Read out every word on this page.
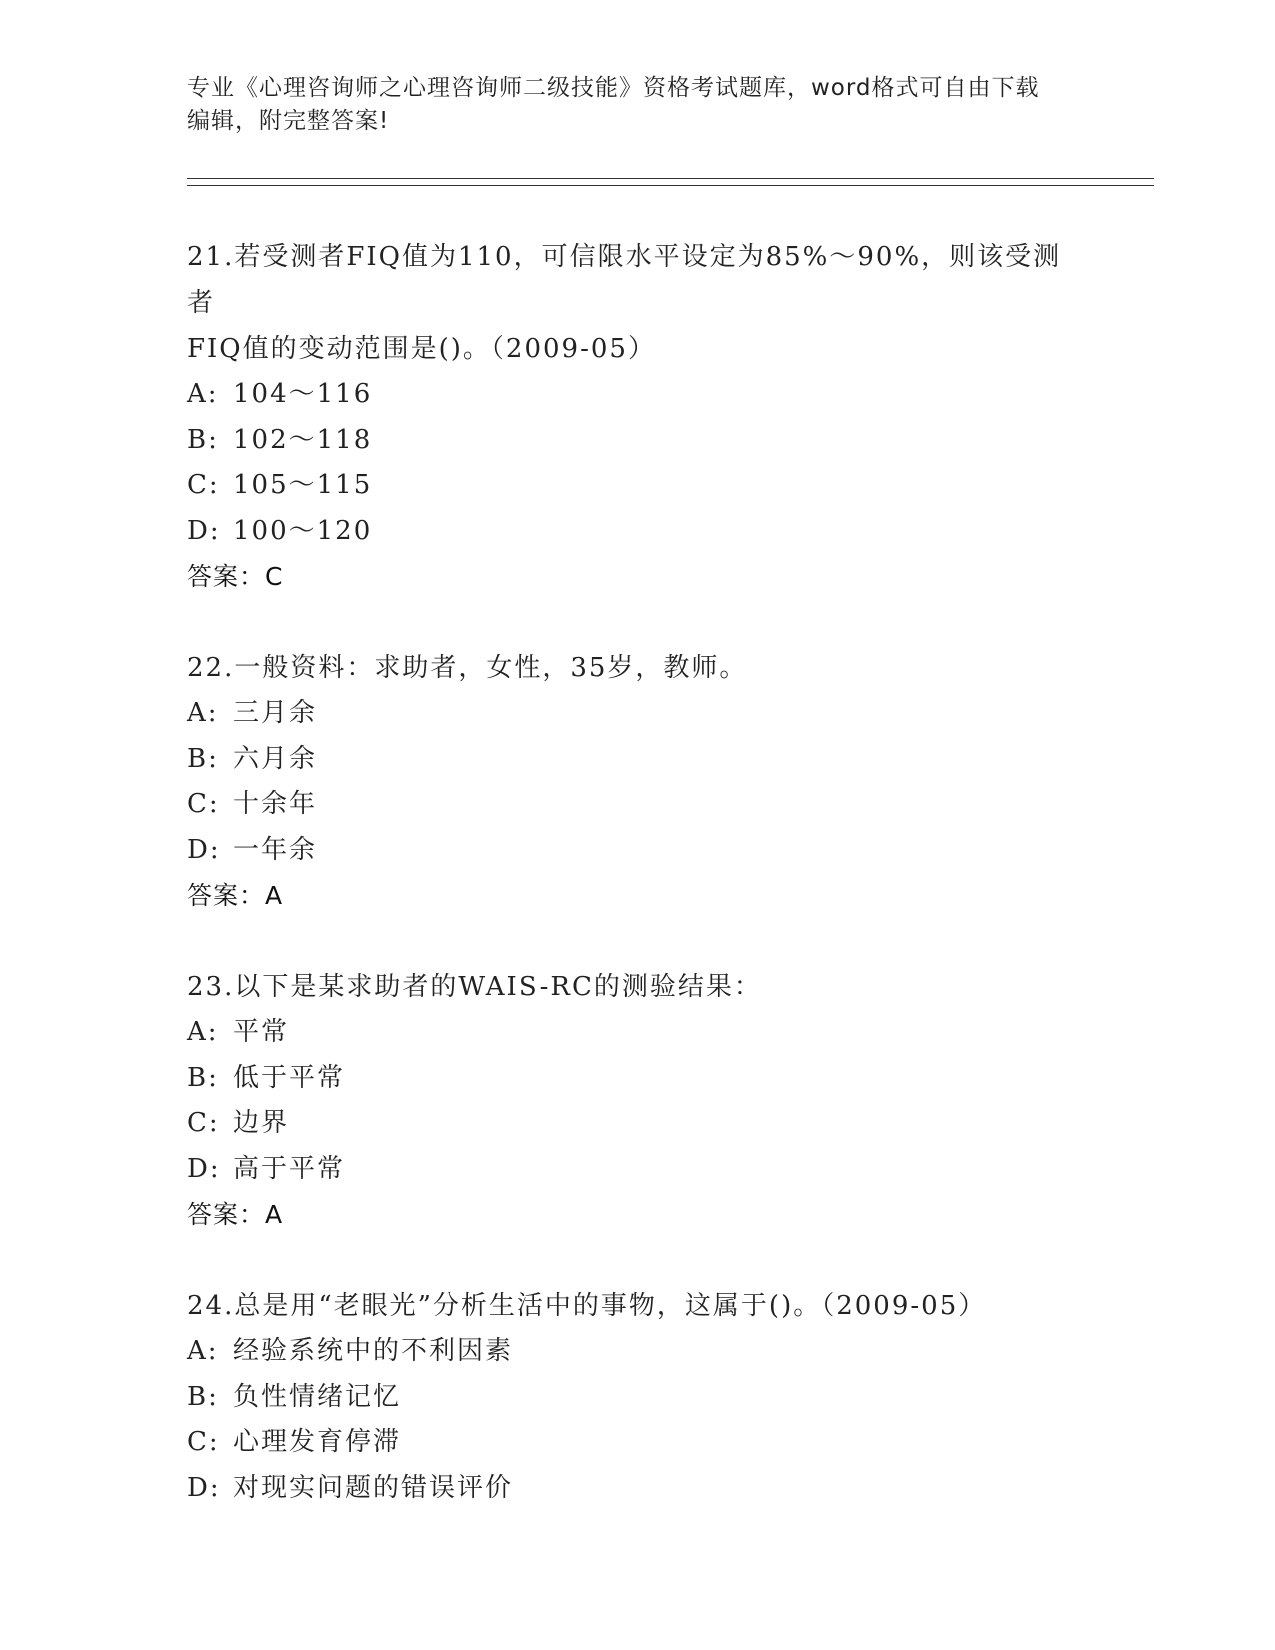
专业《心理咨询师之心理咨询师二级技能》资格考试题库，word格式可自由下载
编辑，附完整答案!
21.若受测者FIQ值为110，可信限水平设定为85%～90%，则该受测者
FIQ值的变动范围是()。（2009-05）
A: 104～116
B: 102～118
C: 105～115
D: 100～120
答案：C
22.一般资料：求助者，女性，35岁，教师。
A: 三月余
B: 六月余
C: 十余年
D: 一年余
答案：A
23.以下是某求助者的WAIS-RC的测验结果：
A: 平常
B: 低于平常
C: 边界
D: 高于平常
答案：A
24.总是用“老眼光”分析生活中的事物，这属于()。（2009-05）
A: 经验系统中的不利因素
B: 负性情绪记忆
C: 心理发育停滞
D: 对现实问题的错误评价
